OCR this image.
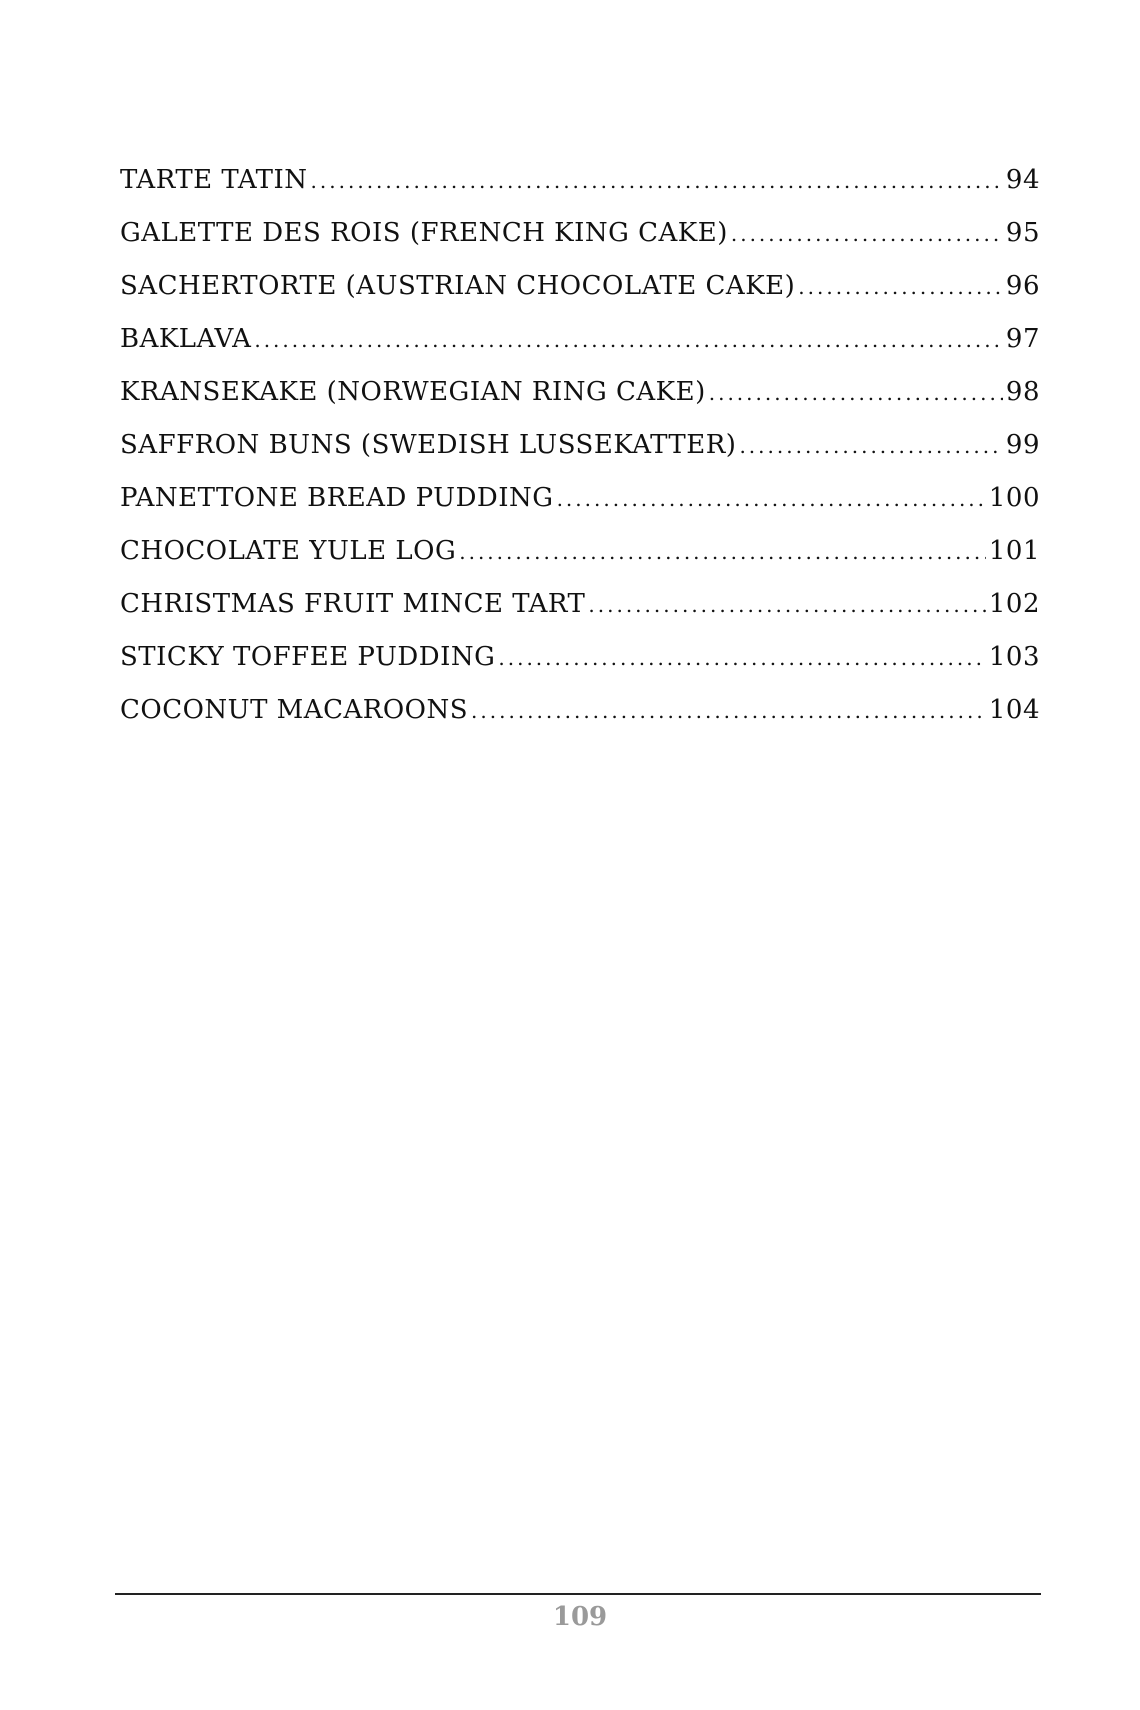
TARTE TATIN .....	94
GALETTE DES ROIS (FRENCH KING CAKE) .....	95
SACHERTORTE (AUSTRIAN CHOCOLATE CAKE) .....	96
BAKLAVA .....	97
KRANSEKAKE (NORWEGIAN RING CAKE) .....	98
SAFFRON BUNS (SWEDISH LUSSEKATTER) .....	99
PANETTONE BREAD PUDDING .....	100
CHOCOLATE YULE LOG .....	101
CHRISTMAS FRUIT MINCE TART .....	102
STICKY TOFFEE PUDDING .....	103
COCONUT MACAROONS .....	104
109
